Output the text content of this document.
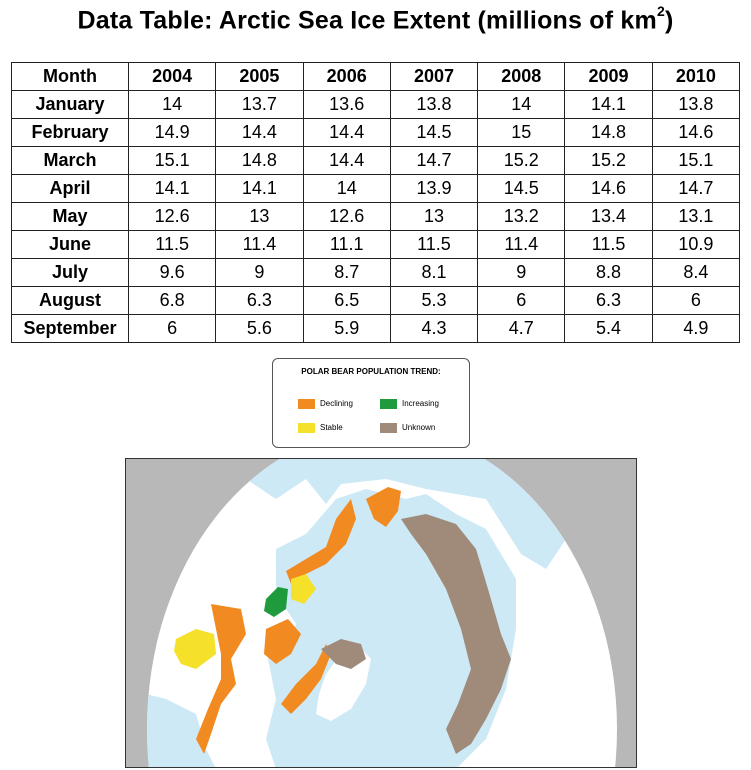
Data Table: Arctic Sea Ice Extent (millions of $km^2$)
Month	2004	2005	2006	2007	2008	2009	2010
January	14	13.7	13.6	13.8	14	14.1	13.8
February	14.9	14.4	14.4	14.5	15	14.8	14.6
March	15.1	14.8	14.4	14.7	15.2	15.2	15.1
April	14.1	14.1	14	13.9	14.5	14.6	14.7
May	12.6	13	12.6	13	13.2	13.4	13.1
June	11.5	11.4	11.1	11.5	11.4	11.5	10.9
July	9.6	9	8.7	8.1	9	8.8	8.4
August	6.8	6.3	6.5	5.3	6	6.3	6
September	6	5.6	5.9	4.3	4.7	5.4	4.9
POLAR BEAR POPULATION TREND:
Declining	Increasing
Stable	Unknown
